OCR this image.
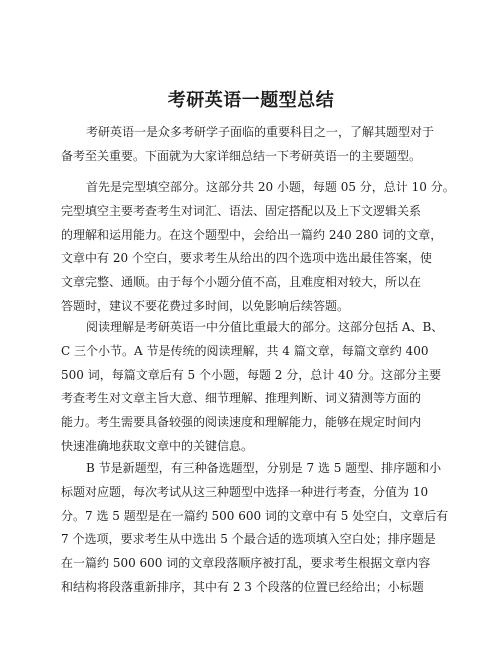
考研英语一题型总结
考研英语一是众多考研学子面临的重要科目之一，了解其题型对于
备考至关重要。下面就为大家详细总结一下考研英语一的主要题型。
首先是完型填空部分。这部分共 20 小题，每题 05 分，总计 10 分。
完型填空主要考查考生对词汇、语法、固定搭配以及上下文逻辑关系
的理解和运用能力。在这个题型中，会给出一篇约 240 280 词的文章，
文章中有 20 个空白，要求考生从给出的四个选项中选出最佳答案，使
文章完整、通顺。由于每个小题分值不高，且难度相对较大，所以在
答题时，建议不要花费过多时间，以免影响后续答题。
阅读理解是考研英语一中分值比重最大的部分。这部分包括 A、B、
C 三个小节。A 节是传统的阅读理解，共 4 篇文章，每篇文章约 400
500 词，每篇文章后有 5 个小题，每题 2 分，总计 40 分。这部分主要
考查考生对文章主旨大意、细节理解、推理判断、词义猜测等方面的
能力。考生需要具备较强的阅读速度和理解能力，能够在规定时间内
快速准确地获取文章中的关键信息。
B 节是新题型，有三种备选题型，分别是 7 选 5 题型、排序题和小
标题对应题，每次考试从这三种题型中选择一种进行考查，分值为 10
分。7 选 5 题型是在一篇约 500 600 词的文章中有 5 处空白，文章后有
7 个选项，要求考生从中选出 5 个最合适的选项填入空白处；排序题是
在一篇约 500 600 词的文章段落顺序被打乱，要求考生根据文章内容
和结构将段落重新排序，其中有 2 3 个段落的位置已经给出；小标题
